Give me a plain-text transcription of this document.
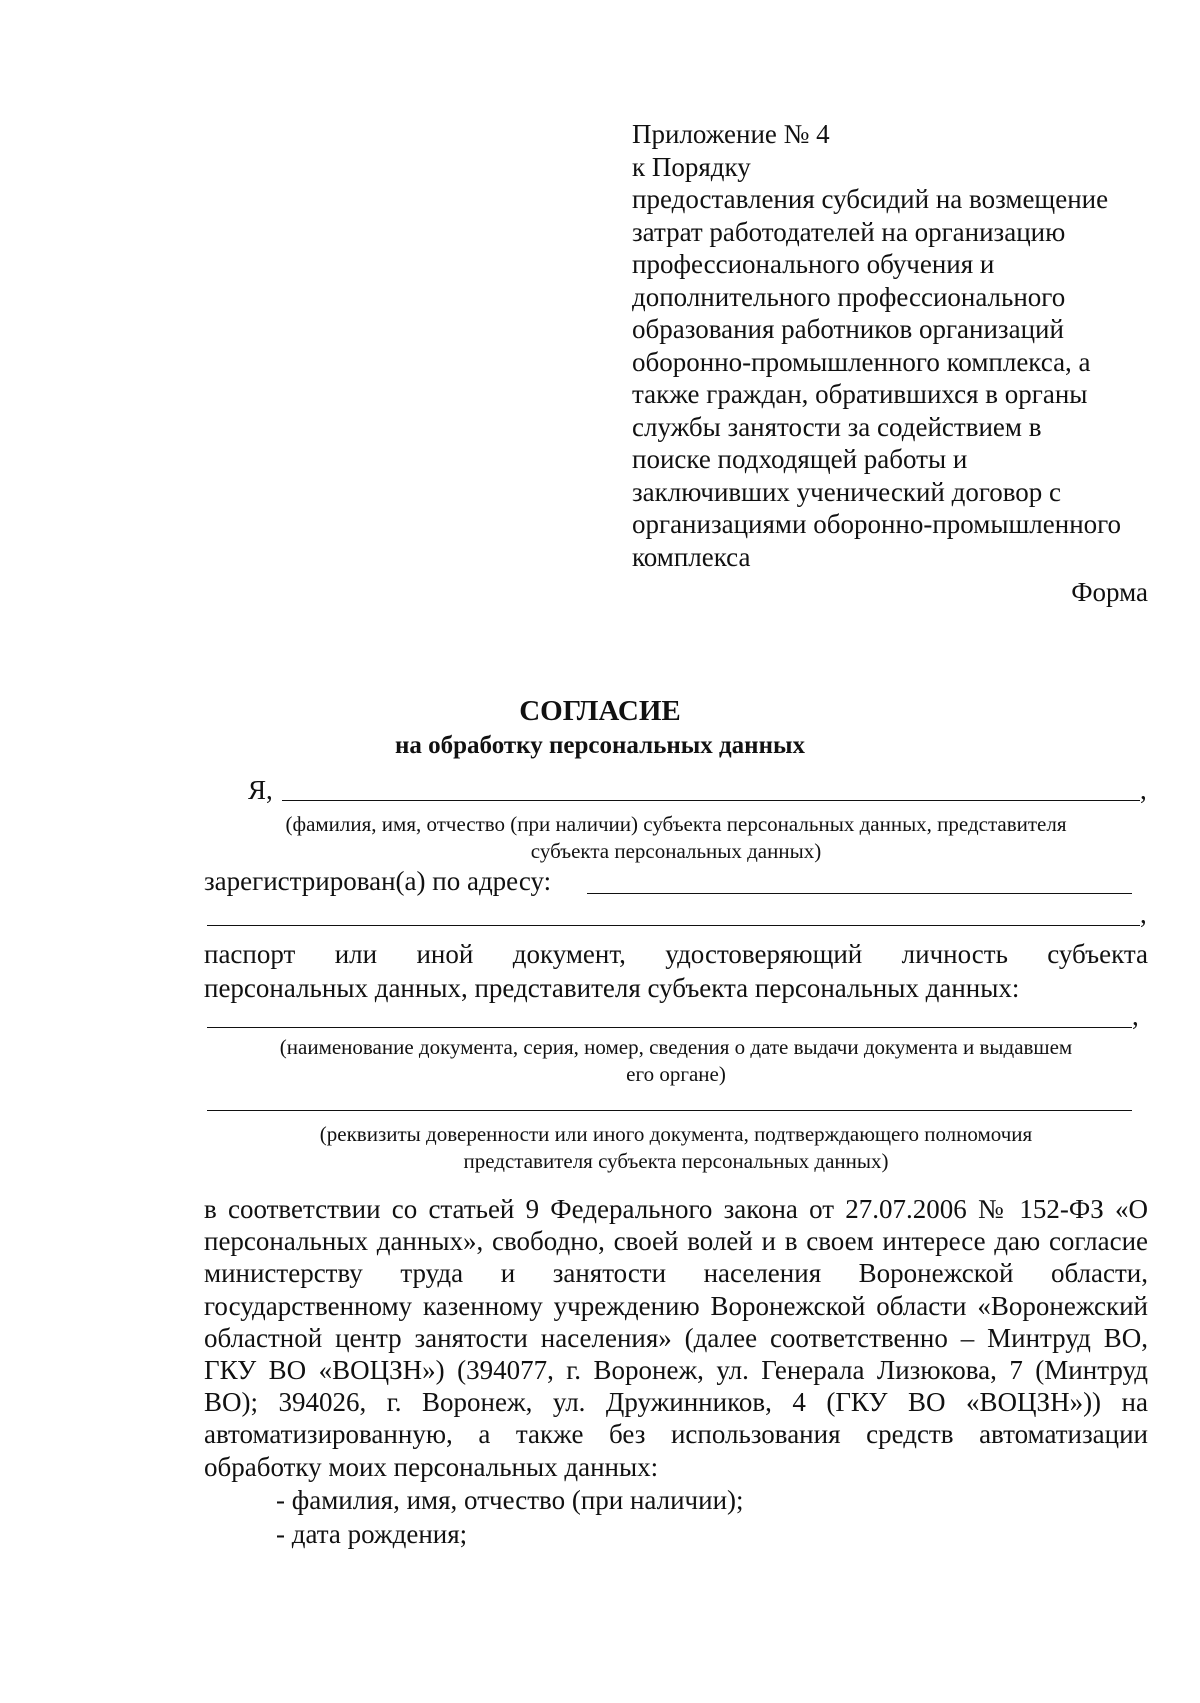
Приложение № 4
к Порядку
предоставления субсидий на возмещение
затрат работодателей на организацию
профессионального обучения и
дополнительного профессионального
образования работников организаций
оборонно-промышленного комплекса, а
также граждан, обратившихся в органы
службы занятости за содействием в
поиске подходящей работы и
заключивших ученический договор с
организациями оборонно-промышленного
комплекса
Форма
СОГЛАСИЕ
на обработку персональных данных
Я,	,
(фамилия, имя, отчество (при наличии) субъекта персональных данных, представителя
субъекта персональных данных)
зарегистрирован(а) по адресу:
,
паспорт или иной документ, удостоверяющий личность субъекта
персональных данных, представителя субъекта персональных данных:
,
(наименование документа, серия, номер, сведения о дате выдачи документа и выдавшем
его органе)
(реквизиты доверенности или иного документа, подтверждающего полномочия
представителя субъекта персональных данных)
в соответствии со статьей 9 Федерального закона от 27.07.2006 № 152-ФЗ «О персональных данных», свободно, своей волей и в своем интересе даю согласие министерству труда и занятости населения Воронежской области, государственному казенному учреждению Воронежской области «Воронежский областной центр занятости населения» (далее соответственно – Минтруд ВО, ГКУ ВО «ВОЦЗН») (394077, г. Воронеж, ул. Генерала Лизюкова, 7 (Минтруд ВО); 394026, г. Воронеж, ул. Дружинников, 4 (ГКУ ВО «ВОЦЗН»)) на автоматизированную, а также без использования средств автоматизации обработку моих персональных данных:
- фамилия, имя, отчество (при наличии);
- дата рождения;
